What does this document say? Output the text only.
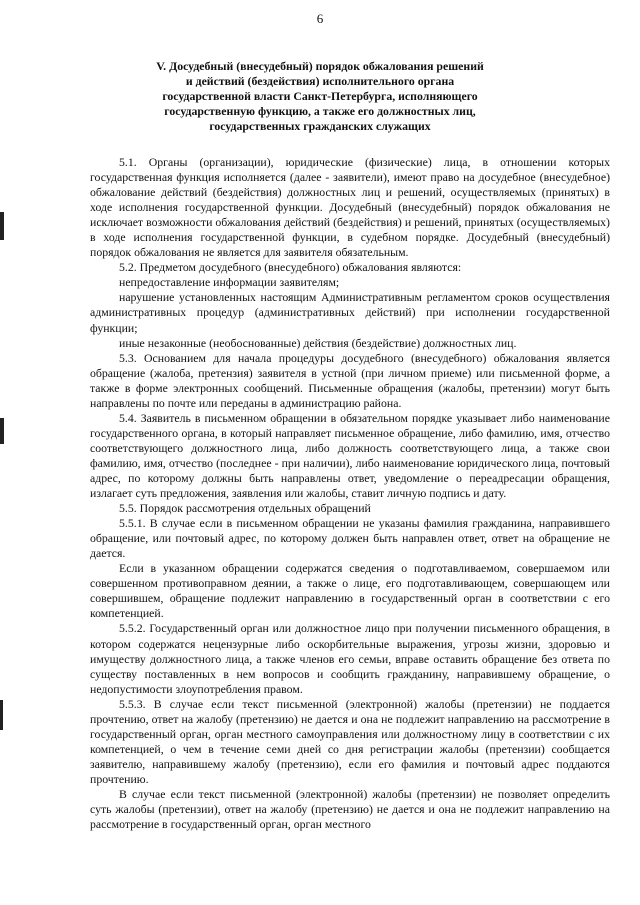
6
V. Досудебный (внесудебный) порядок обжалования решений
и действий (бездействия) исполнительного органа
государственной власти Санкт-Петербурга, исполняющего
государственную функцию, а также его должностных лиц,
государственных гражданских служащих

5.1. Органы (организации), юридические (физические) лица, в отношении которых государственная функция исполняется (далее - заявители), имеют право на досудебное (внесудебное) обжалование действий (бездействия) должностных лиц и решений, осуществляемых (принятых) в ходе исполнения государственной функции. Досудебный (внесудебный) порядок обжалования не исключает возможности обжалования действий (бездействия) и решений, принятых (осуществляемых) в ходе исполнения государственной функции, в судебном порядке. Досудебный (внесудебный) порядок обжалования не является для заявителя обязательным.

5.2. Предметом досудебного (внесудебного) обжалования являются:

непредоставление информации заявителям;

нарушение установленных настоящим Административным регламентом сроков осуществления административных процедур (административных действий) при исполнении государственной функции;

иные незаконные (необоснованные) действия (бездействие) должностных лиц.

5.3. Основанием для начала процедуры досудебного (внесудебного) обжалования является обращение (жалоба, претензия) заявителя в устной (при личном приеме) или письменной форме, а также в форме электронных сообщений. Письменные обращения (жалобы, претензии) могут быть направлены по почте или переданы в администрацию района.

5.4. Заявитель в письменном обращении в обязательном порядке указывает либо наименование государственного органа, в который направляет письменное обращение, либо фамилию, имя, отчество соответствующего должностного лица, либо должность соответствующего лица, а также свои фамилию, имя, отчество (последнее - при наличии), либо наименование юридического лица, почтовый адрес, по которому должны быть направлены ответ, уведомление о переадресации обращения, излагает суть предложения, заявления или жалобы, ставит личную подпись и дату.

5.5. Порядок рассмотрения отдельных обращений

5.5.1. В случае если в письменном обращении не указаны фамилия гражданина, направившего обращение, или почтовый адрес, по которому должен быть направлен ответ, ответ на обращение не дается.

Если в указанном обращении содержатся сведения о подготавливаемом, совершаемом или совершенном противоправном деянии, а также о лице, его подготавливающем, совершающем или совершившем, обращение подлежит направлению в государственный орган в соответствии с его компетенцией.

5.5.2. Государственный орган или должностное лицо при получении письменного обращения, в котором содержатся нецензурные либо оскорбительные выражения, угрозы жизни, здоровью и имуществу должностного лица, а также членов его семьи, вправе оставить обращение без ответа по существу поставленных в нем вопросов и сообщить гражданину, направившему обращение, о недопустимости злоупотребления правом.

5.5.3. В случае если текст письменной (электронной) жалобы (претензии) не поддается прочтению, ответ на жалобу (претензию) не дается и она не подлежит направлению на рассмотрение в государственный орган, орган местного самоуправления или должностному лицу в соответствии с их компетенцией, о чем в течение семи дней со дня регистрации жалобы (претензии) сообщается заявителю, направившему жалобу (претензию), если его фамилия и почтовый адрес поддаются прочтению.

В случае если текст письменной (электронной) жалобы (претензии) не позволяет определить суть жалобы (претензии), ответ на жалобу (претензию) не дается и она не подлежит направлению на рассмотрение в государственный орган, орган местного
